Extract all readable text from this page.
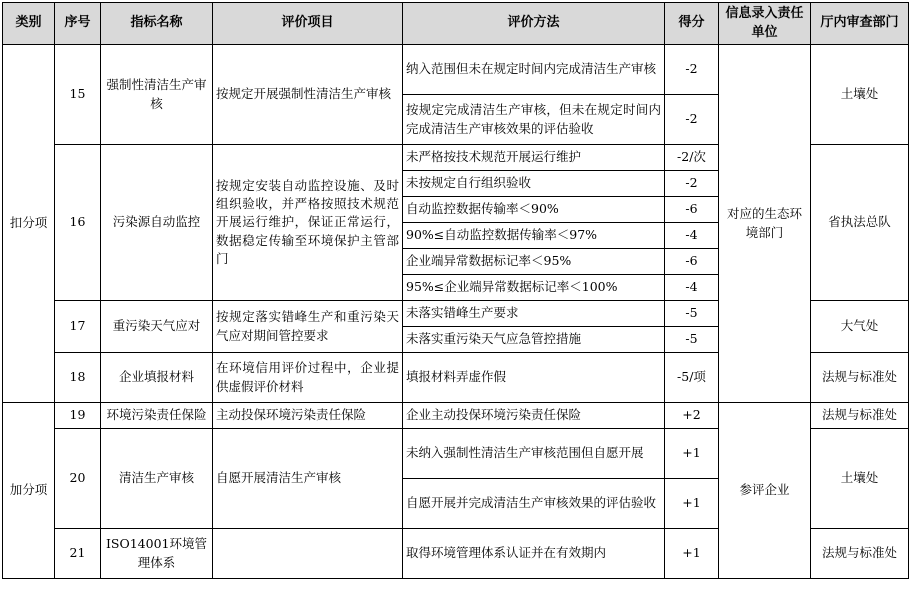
类别	序号	指标名称	评价项目	评价方法	得分	信息录入责任单位	厅内审查部门
扣分项	15	强制性清洁生产审核	按规定开展强制性清洁生产审核	纳入范围但未在规定时间内完成清洁生产审核	-2	对应的生态环境部门	土壤处
				按规定完成清洁生产审核，但未在规定时间内完成清洁生产审核效果的评估验收	-2		
	16	污染源自动监控	按规定安装自动监控设施、及时组织验收，并严格按照技术规范开展运行维护，保证正常运行，数据稳定传输至环境保护主管部门	未严格按技术规范开展运行维护	-2/次		省执法总队
				未按规定自行组织验收	-2		
				自动监控数据传输率＜90%	-6		
				90%≤自动监控数据传输率＜97%	-4		
				企业端异常数据标记率＜95%	-6		
				95%≤企业端异常数据标记率＜100%	-4		
	17	重污染天气应对	按规定落实错峰生产和重污染天气应对期间管控要求	未落实错峰生产要求	-5		大气处
				未落实重污染天气应急管控措施	-5		
	18	企业填报材料	在环境信用评价过程中，企业提供虚假评价材料	填报材料弄虚作假	-5/项		法规与标准处
加分项	19	环境污染责任保险	主动投保环境污染责任保险	企业主动投保环境污染责任保险	+2	参评企业	法规与标准处
	20	清洁生产审核	自愿开展清洁生产审核	未纳入强制性清洁生产审核范围但自愿开展	+1		土壤处
				自愿开展并完成清洁生产审核效果的评估验收	+1		
	21	ISO14001环境管理体系		取得环境管理体系认证并在有效期内	+1		法规与标准处
